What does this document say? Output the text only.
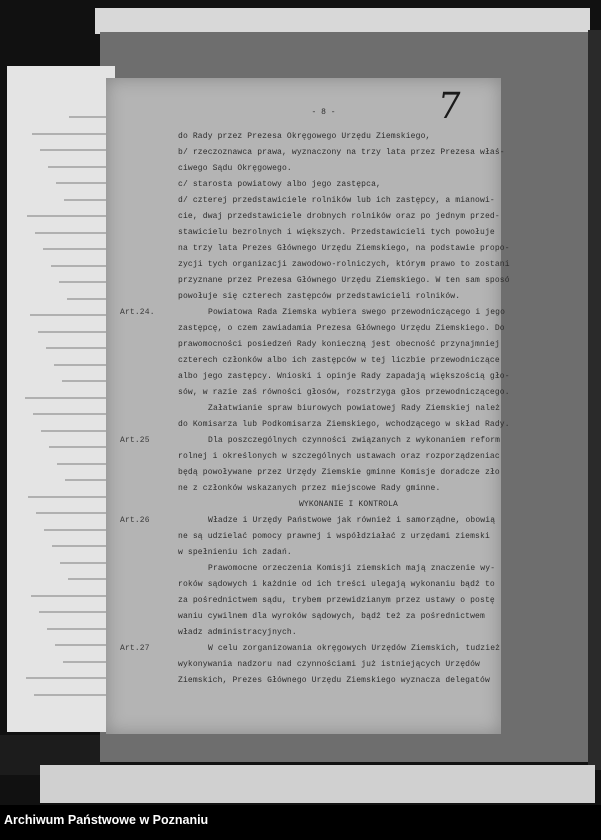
- 8 -	7
do Rady przez Prezesa Okręgowego Urzędu Ziemskiego,
b/ rzeczoznawca prawa, wyznaczony na trzy lata przez Prezesa właś-
ciwego Sądu Okręgowego.
c/ starosta powiatowy albo jego zastępca,
d/ czterej przedstawiciele rolników lub ich zastępcy, a mianowi-
cie, dwaj przedstawiciele drobnych rolników oraz po jednym przed-
stawicielu bezrolnych i większych. Przedstawicieli tych powołuje
na trzy lata Prezes Głównego Urzędu Ziemskiego, na podstawie propo-
zycji tych organizacji zawodowo-rolniczych, którym prawo to zostani
przyznane przez Prezesa Głównego Urzędu Ziemskiego. W ten sam sposó
powołuje się czterech zastępców przedstawicieli rolników.
Art.24.	Powiatowa Rada Ziemska wybiera swego przewodniczącego i jego
zastępcę, o czem zawiadamia Prezesa Głównego Urzędu Ziemskiego. Do
prawomocności posiedzeń Rady konieczną jest obecność przynajmniej
czterech członków albo ich zastępców w tej liczbie przewodniczące
albo jego zastępcy. Wnioski i opinje Rady zapadają większością gło-
sów, w razie zaś równości głosów, rozstrzyga głos przewodniczącego.
Załatwianie spraw biurowych powiatowej Rady Ziemskiej należ
do Komisarza lub Podkomisarza Ziemskiego, wchodzącego w skład Rady.
Art.25	Dla poszczególnych czynności związanych z wykonaniem reform
rolnej i określonych w szczególnych ustawach oraz rozporządzeniac
będą powoływane przez Urzędy Ziemskie gminne Komisje doradcze zło
ne z członków wskazanych przez miejscowe Rady gminne.
WYKONANIE I KONTROLA
Art.26	Władze i Urzędy Państwowe jak również i samorządne, obowią
ne są udzielać pomocy prawnej i współdziałać z urzędami ziemski
w spełnieniu ich zadań.
Prawomocne orzeczenia Komisji ziemskich mają znaczenie wy-
roków sądowych i każdnie od ich treści ulegają wykonaniu bądź to
za pośrednictwem sądu, trybem przewidzianym przez ustawy o postę
waniu cywilnem dla wyroków sądowych, bądź też za pośrednictwem
władz administracyjnych.
Art.27	W celu zorganizowania okręgowych Urzędów Ziemskich, tudzież
wykonywania nadzoru nad czynnościami już istniejących Urzędów
Ziemskich, Prezes Głównego Urzędu Ziemskiego wyznacza delegatów
Archiwum Państwowe w Poznaniu
